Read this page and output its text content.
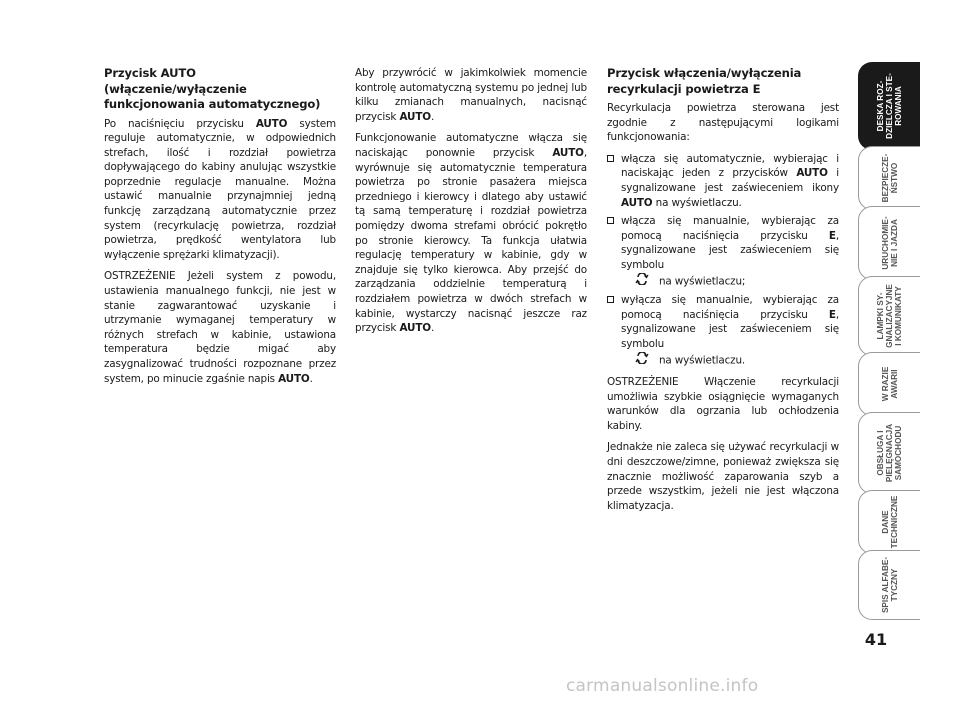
Przycisk AUTO
(włączenie/wyłączenie
funkcjonowania automatycznego)

Po naciśnięciu przycisku AUTO system reguluje automatycznie, w odpowiednich strefach, ilość i rozdział powietrza dopływającego do kabiny anulując wszystkie poprzednie regulacje manualne. Można ustawić manualnie przynajmniej jedną funkcję zarządzaną automatycznie przez system (recyrkulację powietrza, rozdział powietrza, prędkość wentylatora lub wyłączenie sprężarki klimatyzacji).

OSTRZEŻENIE Jeżeli system z powodu, ustawienia manualnego funkcji, nie jest w stanie zagwarantować uzyskanie i utrzymanie wymaganej temperatury w różnych strefach w kabinie, ustawiona temperatura będzie migać aby zasygnalizować trudności rozpoznane przez system, po minucie zgaśnie napis AUTO.

Aby przywrócić w jakimkolwiek momencie kontrolę automatyczną systemu po jednej lub kilku zmianach manualnych, nacisnąć przycisk AUTO.

Funkcjonowanie automatyczne włącza się naciskając ponownie przycisk AUTO, wyrównuje się automatycznie temperatura powietrza po stronie pasażera miejsca przedniego i kierowcy i dlatego aby ustawić tą samą temperaturę i rozdział powietrza pomiędzy dwoma strefami obrócić pokrętło po stronie kierowcy. Ta funkcja ułatwia regulację temperatury w kabinie, gdy w znajduje się tylko kierowca. Aby przejść do zarządzania oddzielnie temperaturą i rozdziałem powietrza w dwóch strefach w kabinie, wystarczy nacisnąć jeszcze raz przycisk AUTO.

Przycisk włączenia/wyłączenia
recyrkulacji powietrza E

Recyrkulacja powietrza sterowana jest zgodnie z następującymi logikami funkcjonowania:

włącza się automatycznie, wybierając i naciskając jeden z przycisków AUTO i sygnalizowane jest zaświeceniem ikony AUTO na wyświetlaczu.
włącza się manualnie, wybierając za pomocą naciśnięcia przycisku E, sygnalizowane jest zaświeceniem się symbolu
na wyświetlaczu;
wyłącza się manualnie, wybierając za pomocą naciśnięcia przycisku E, sygnalizowane jest zaświeceniem się symbolu
na wyświetlaczu.

OSTRZEŻENIE Włączenie recyrkulacji umożliwia szybkie osiągnięcie wymaganych warunków dla ogrzania lub ochłodzenia kabiny.

Jednakże nie zaleca się używać recyrkulacji w dni deszczowe/zimne, ponieważ zwiększa się znacznie możliwość zaparowania szyb a przede wszystkim, jeżeli nie jest włączona klimatyzacja.

DESKA ROZ- DZIELCZA I STE- ROWANIA
BEZPIECZE- ŃSTWO
URUCHOMIE- NIE I JAZDA
LAMPKI SY- GNALIZACYJNE I KOMUNIKATY
W RAZIE AWARII
OBSŁUGA I PIELĘGNACJA SAMOCHODU
DANE TECHNICZNE
SPIS ALFABE- TYCZNY
41
carmanualsonline.info
